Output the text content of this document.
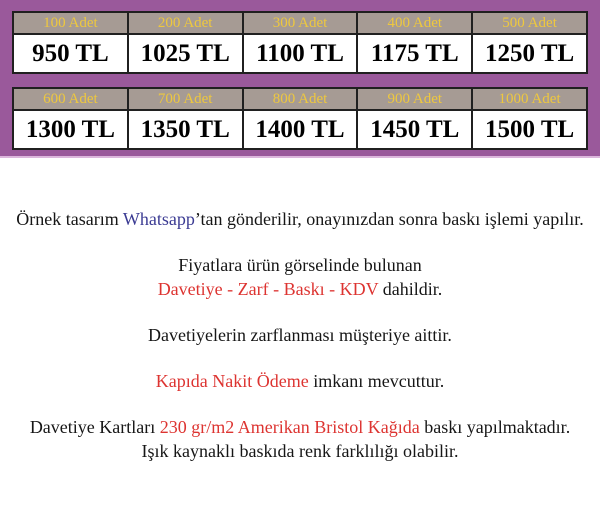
100 Adet	200 Adet	300 Adet	400 Adet	500 Adet
950 TL	1025 TL	1100 TL	1175 TL	1250 TL
600 Adet	700 Adet	800 Adet	900 Adet	1000 Adet
1300 TL	1350 TL	1400 TL	1450 TL	1500 TL

Örnek tasarım Whatsapp’tan gönderilir, onayınızdan sonra baskı işlemi yapılır.

Fiyatlara ürün görselinde bulunan
Davetiye - Zarf - Baskı - KDV dahildir.

Davetiyelerin zarflanması müşteriye aittir.

Kapıda Nakit Ödeme imkanı mevcuttur.

Davetiye Kartları 230 gr/m2 Amerikan Bristol Kağıda baskı yapılmaktadır.
Işık kaynaklı baskıda renk farklılığı olabilir.
